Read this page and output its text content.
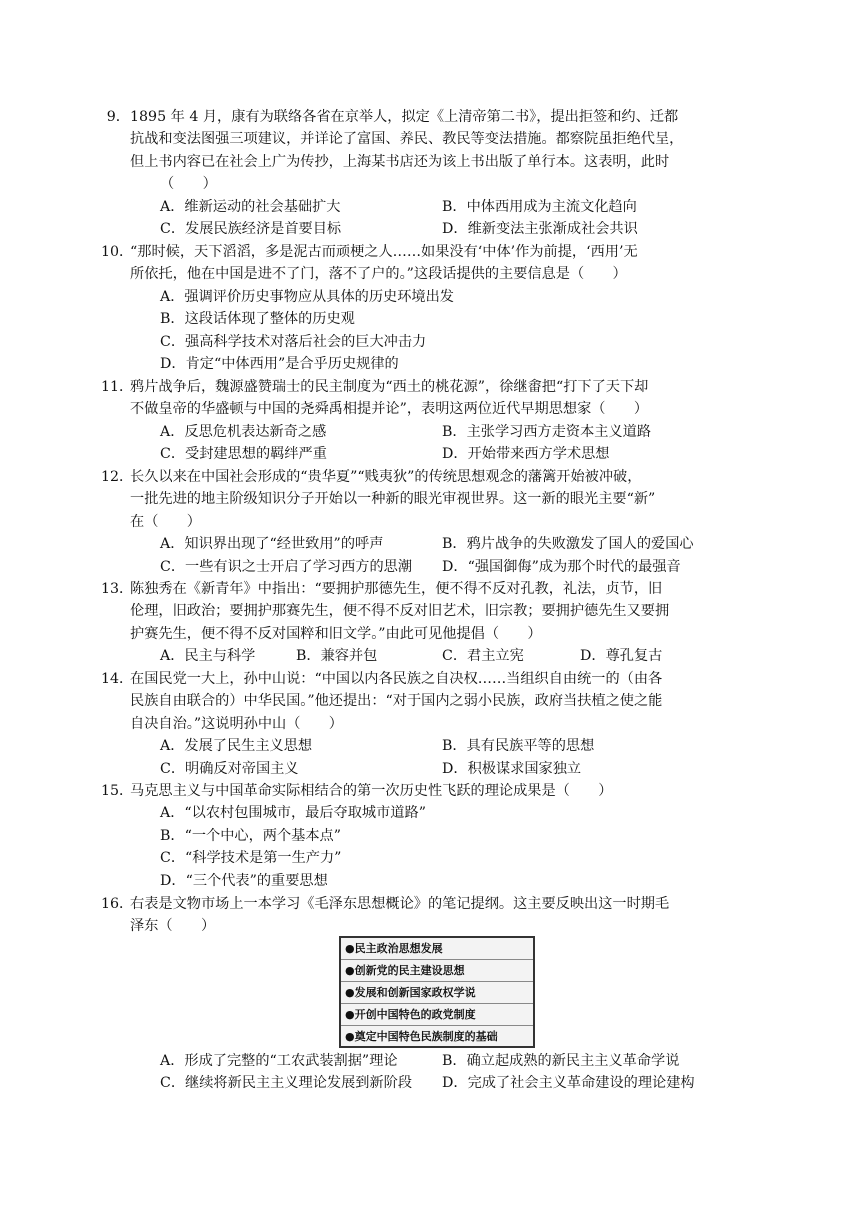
9．1895 年 4 月，康有为联络各省在京举人，拟定《上清帝第二书》，提出拒签和约、迁都
抗战和变法图强三项建议，并详论了富国、养民、教民等变法措施。都察院虽拒绝代呈，
但上书内容已在社会上广为传抄，上海某书店还为该上书出版了单行本。这表明，此时
（　　）
A．维新运动的社会基础扩大	B．中体西用成为主流文化趋向
C．发展民族经济是首要目标	D．维新变法主张渐成社会共识
10．“那时候，天下滔滔，多是泥古而顽梗之人……如果没有‘中体’作为前提，‘西用’无
所依托，他在中国是进不了门，落不了户的。”这段话提供的主要信息是（　　）
A．强调评价历史事物应从具体的历史环境出发
B．这段话体现了整体的历史观
C．强高科学技术对落后社会的巨大冲击力
D．肯定“中体西用”是合乎历史规律的
11．鸦片战争后，魏源盛赞瑞士的民主制度为“西土的桃花源”，徐继畬把“打下了天下却
不做皇帝的华盛顿与中国的尧舜禹相提并论”，表明这两位近代早期思想家（　　）
A．反思危机表达新奇之感	B．主张学习西方走资本主义道路
C．受封建思想的羁绊严重	D．开始带来西方学术思想
12．长久以来在中国社会形成的“贵华夏”“贱夷狄”的传统思想观念的藩篱开始被冲破，
一批先进的地主阶级知识分子开始以一种新的眼光审视世界。这一新的眼光主要“新”
在（　　）
A．知识界出现了“经世致用”的呼声	B．鸦片战争的失败激发了国人的爱国心
C．一些有识之士开启了学习西方的思潮 D．“强国御侮”成为那个时代的最强音
13．陈独秀在《新青年》中指出：“要拥护那德先生，便不得不反对孔教，礼法，贞节，旧
伦理，旧政治；要拥护那赛先生，便不得不反对旧艺术，旧宗教；要拥护德先生又要拥
护赛先生，便不得不反对国粹和旧文学。”由此可见他提倡（　　）
A．民主与科学	B．兼容并包	C．君主立宪	D．尊孔复古
14．在国民党一大上，孙中山说：“中国以内各民族之自决权……当组织自由统一的（由各
民族自由联合的）中华民国。”他还提出：“对于国内之弱小民族，政府当扶植之使之能
自决自治。”这说明孙中山（　　）
A．发展了民生主义思想	B．具有民族平等的思想
C．明确反对帝国主义	D．积极谋求国家独立
15．马克思主义与中国革命实际相结合的第一次历史性飞跃的理论成果是（　　）
A．“以农村包围城市，最后夺取城市道路”
B．“一个中心，两个基本点”
C．“科学技术是第一生产力”
D．“三个代表”的重要思想
16．右表是文物市场上一本学习《毛泽东思想概论》的笔记提纲。这主要反映出这一时期毛
泽东（　　）
●民主政治思想发展
●创新党的民主建设思想
●发展和创新国家政权学说
●开创中国特色的政党制度
●奠定中国特色民族制度的基础
A．形成了完整的“工农武装割据”理论	B．确立起成熟的新民主主义革命学说
C．继续将新民主主义理论发展到新阶段 D．完成了社会主义革命建设的理论建构
